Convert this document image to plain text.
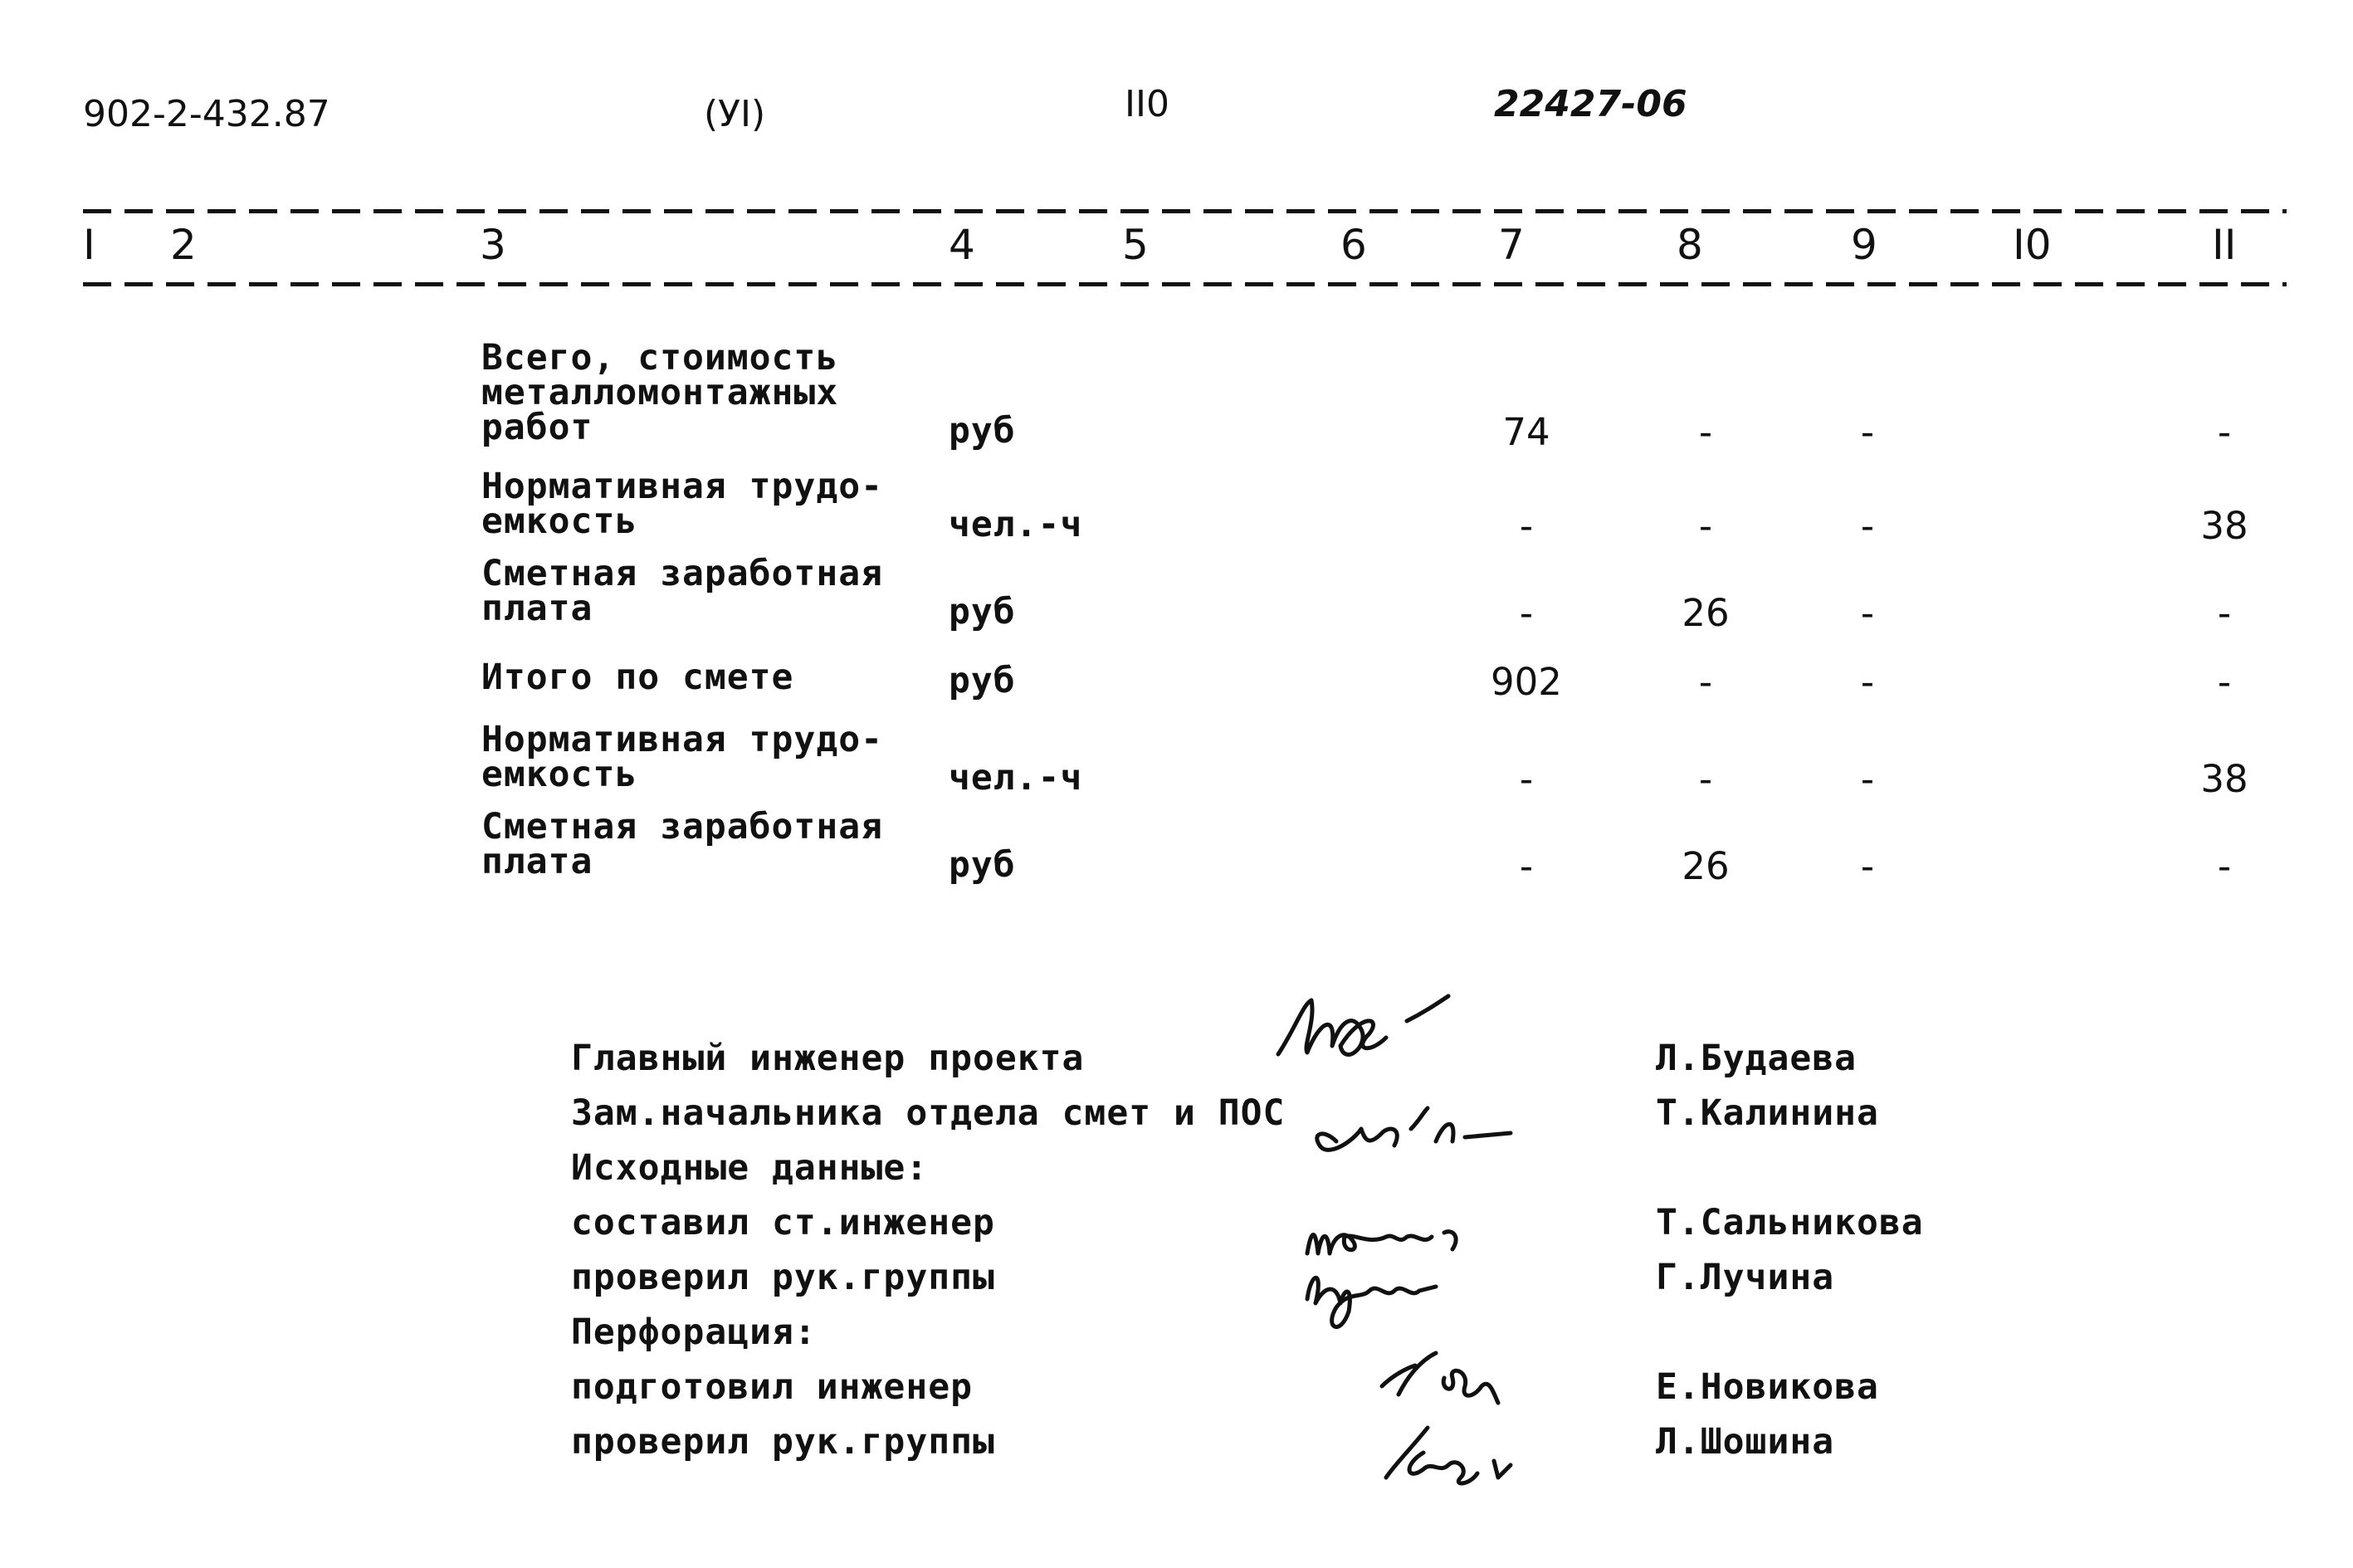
902-2-432.87	(УI)	II0	22427-06
I 2	3	4	5	6	7	8	9	I0	II
Всего, стоимость
металломонтажных
работ	руб	74	-	-	-
Нормативная трудо-
емкость	чел.-ч	-	-	-	38
Сметная заработная
плата	руб	-	26	-	-
Итого по смете	руб	902	-	-	-
Нормативная трудо-
емкость	чел.-ч	-	-	-	38
Сметная заработная
плата	руб	-	26	-	-
Главный инженер проекта	Л.Будаева
Зам.начальника отдела смет и ПОС	Т.Калинина
Исходные данные:
составил ст.инженер	Т.Сальникова
проверил рук.группы	Г.Лучина
Перфорация:
подготовил инженер	Е.Новикова
проверил рук.группы	Л.Шошина
